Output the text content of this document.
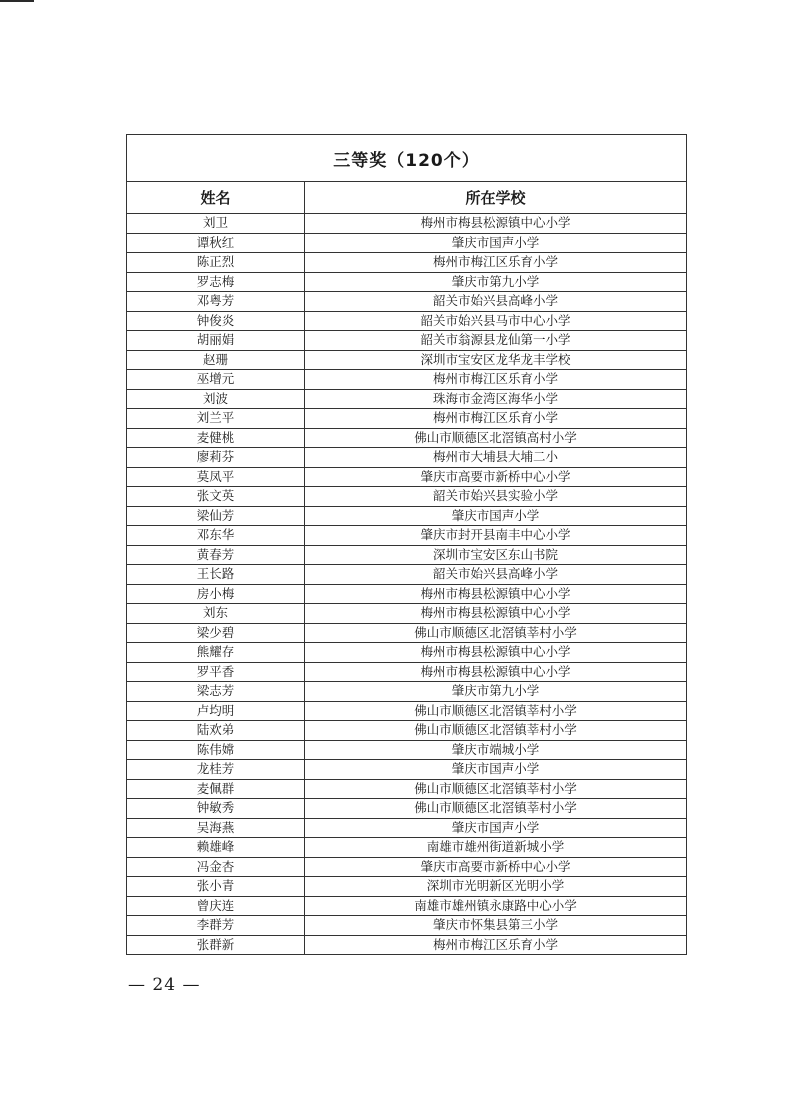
三等奖（120个）	
姓名	所在学校
刘卫	梅州市梅县松源镇中心小学
谭秋红	肇庆市国声小学
陈正烈	梅州市梅江区乐育小学
罗志梅	肇庆市第九小学
邓粤芳	韶关市始兴县高峰小学
钟俊炎	韶关市始兴县马市中心小学
胡丽娟	韶关市翁源县龙仙第一小学
赵珊	深圳市宝安区龙华龙丰学校
巫增元	梅州市梅江区乐育小学
刘波	珠海市金湾区海华小学
刘兰平	梅州市梅江区乐育小学
麦健桃	佛山市顺德区北滘镇高村小学
廖莉芬	梅州市大埔县大埔二小
莫凤平	肇庆市高要市新桥中心小学
张文英	韶关市始兴县实验小学
梁仙芳	肇庆市国声小学
邓东华	肇庆市封开县南丰中心小学
黄春芳	深圳市宝安区东山书院
王长路	韶关市始兴县高峰小学
房小梅	梅州市梅县松源镇中心小学
刘东	梅州市梅县松源镇中心小学
梁少碧	佛山市顺德区北滘镇莘村小学
熊耀存	梅州市梅县松源镇中心小学
罗平香	梅州市梅县松源镇中心小学
梁志芳	肇庆市第九小学
卢均明	佛山市顺德区北滘镇莘村小学
陆欢弟	佛山市顺德区北滘镇莘村小学
陈伟嫦	肇庆市端城小学
龙桂芳	肇庆市国声小学
麦佩群	佛山市顺德区北滘镇莘村小学
钟敏秀	佛山市顺德区北滘镇莘村小学
吴海燕	肇庆市国声小学
赖雄峰	南雄市雄州街道新城小学
冯金杏	肇庆市高要市新桥中心小学
张小青	深圳市光明新区光明小学
曾庆连	南雄市雄州镇永康路中心小学
李群芳	肇庆市怀集县第三小学
张群新	梅州市梅江区乐育小学
— 24 —
